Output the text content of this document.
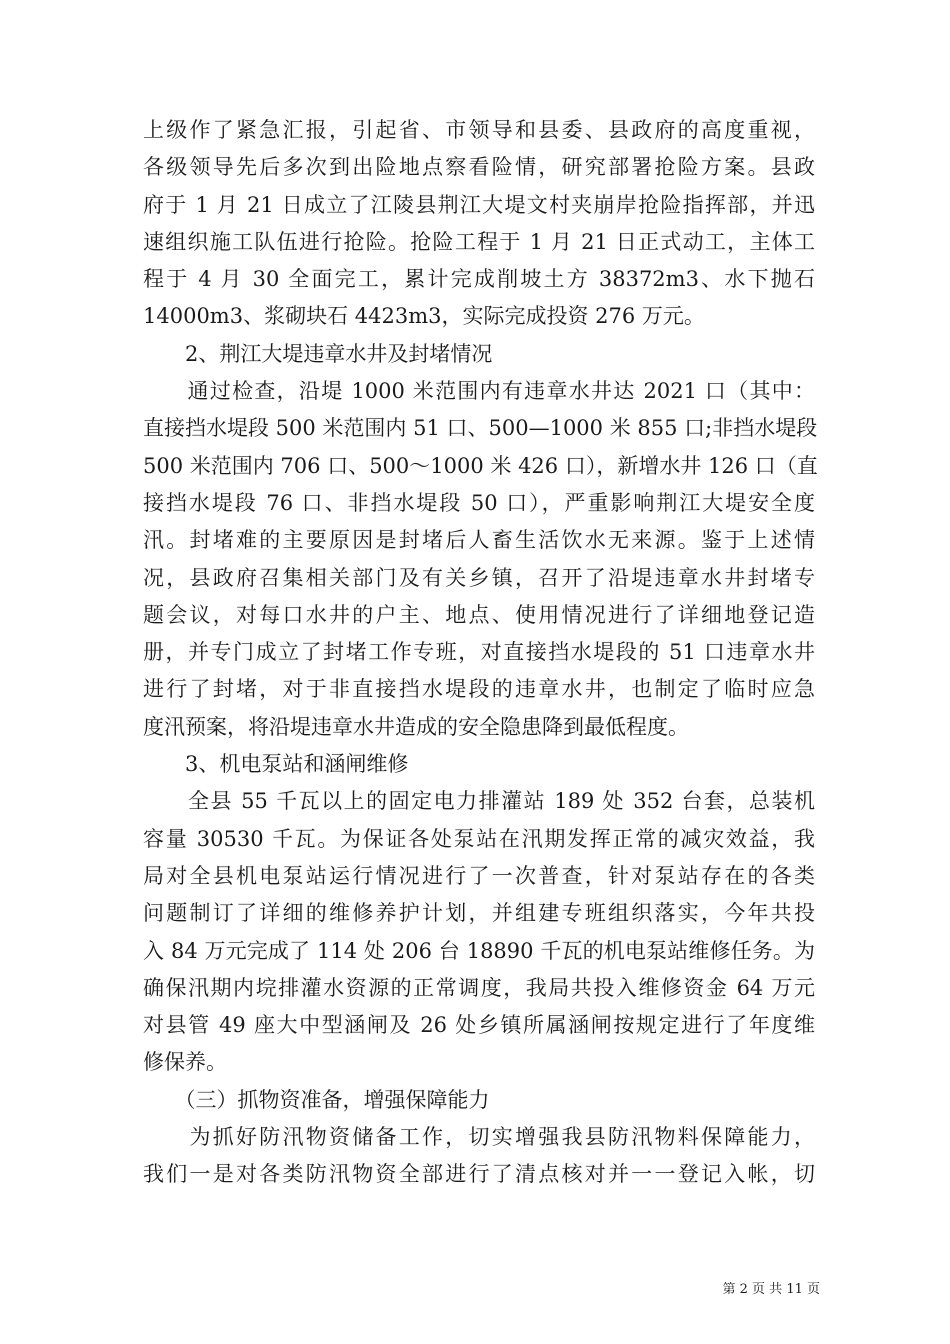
上级作了紧急汇报，引起省、市领导和县委、县政府的高度重视，
各级领导先后多次到出险地点察看险情，研究部署抢险方案。县政
府于 1 月 21 日成立了江陵县荆江大堤文村夹崩岸抢险指挥部，并迅
速组织施工队伍进行抢险。抢险工程于 1 月 21 日正式动工，主体工
程于 4 月 30 全面完工，累计完成削坡土方 38372m3、水下抛石
14000m3、浆砌块石 4423m3，实际完成投资 276 万元。
　　2、荆江大堤违章水井及封堵情况
　　通过检查，沿堤 1000 米范围内有违章水井达 2021 口（其中：
直接挡水堤段 500 米范围内 51 口、500—1000 米 855 口;非挡水堤段
500 米范围内 706 口、500～1000 米 426 口），新增水井 126 口（直
接挡水堤段 76 口、非挡水堤段 50 口），严重影响荆江大堤安全度
汛。封堵难的主要原因是封堵后人畜生活饮水无来源。鉴于上述情
况，县政府召集相关部门及有关乡镇，召开了沿堤违章水井封堵专
题会议，对每口水井的户主、地点、使用情况进行了详细地登记造
册，并专门成立了封堵工作专班，对直接挡水堤段的 51 口违章水井
进行了封堵，对于非直接挡水堤段的违章水井，也制定了临时应急
度汛预案，将沿堤违章水井造成的安全隐患降到最低程度。
　　3、机电泵站和涵闸维修
　　全县 55 千瓦以上的固定电力排灌站 189 处 352 台套，总装机
容量 30530 千瓦。为保证各处泵站在汛期发挥正常的减灾效益，我
局对全县机电泵站运行情况进行了一次普查，针对泵站存在的各类
问题制订了详细的维修养护计划，并组建专班组织落实，今年共投
入 84 万元完成了 114 处 206 台 18890 千瓦的机电泵站维修任务。为
确保汛期内垸排灌水资源的正常调度，我局共投入维修资金 64 万元
对县管 49 座大中型涵闸及 26 处乡镇所属涵闸按规定进行了年度维
修保养。
　　（三）抓物资准备，增强保障能力
　　为抓好防汛物资储备工作，切实增强我县防汛物料保障能力，
我们一是对各类防汛物资全部进行了清点核对并一一登记入帐，切
第 2 页 共 11 页
